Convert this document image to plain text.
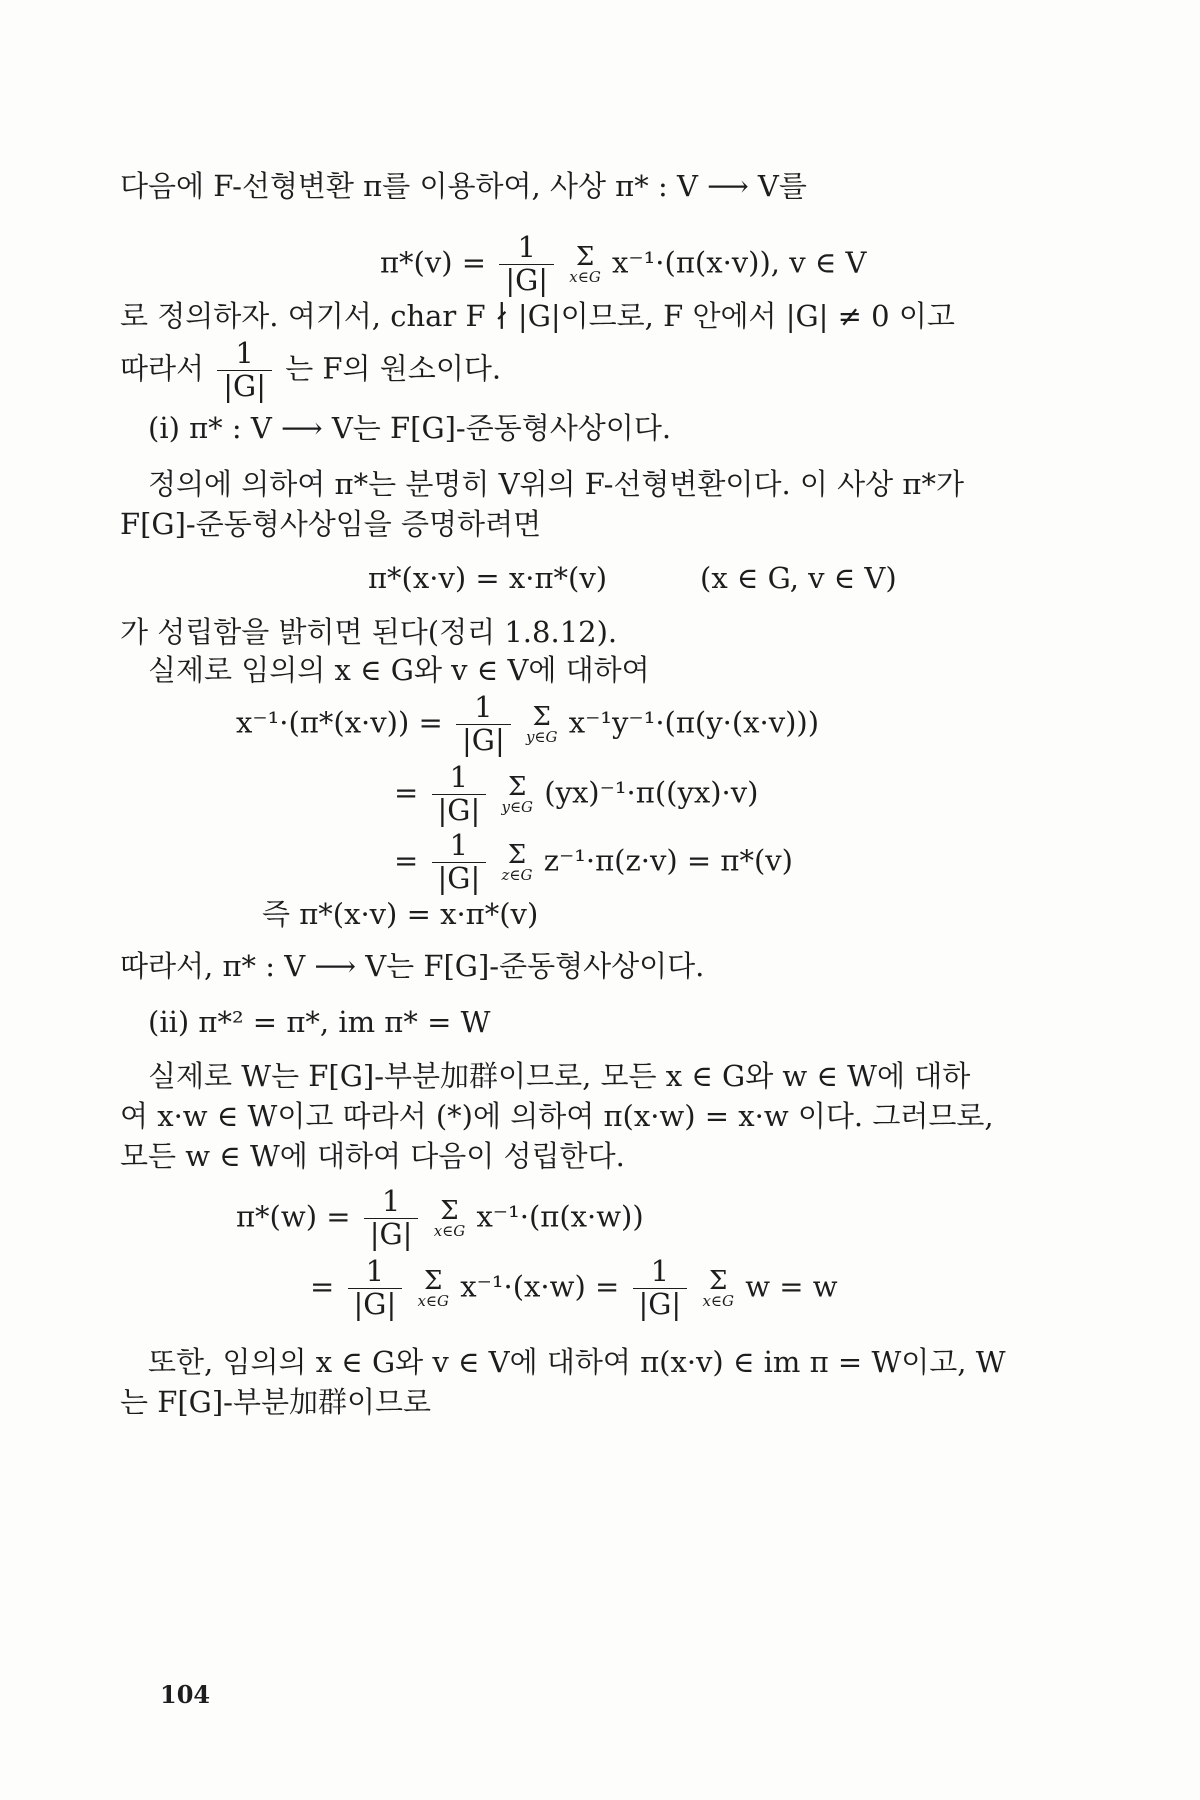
다음에 F-선형변환 π를 이용하여, 사상 π* : V ⟶ V를
$\pi*(v) = \frac{1}{|G|}$
Σ
x∈G x⁻¹·(π(x·v)), v ∈ V
로 정의하자. 여기서, char F ∤ |G|이므로, F 안에서 |G| ≠ 0 이고
따라서 $\frac{1}{|G|}$ 는 F의 원소이다.
(i) π* : V ⟶ V는 F[G]-준동형사상이다.
정의에 의하여 π*는 분명히 V위의 F-선형변환이다. 이 사상 π*가
F[G]-준동형사상임을 증명하려면
π*(x·v) = x·π*(v)	(x ∈ G, v ∈ V)
가 성립함을 밝히면 된다(정리 1.8.12).
실제로 임의의 x ∈ G와 v ∈ V에 대하여
$x^{-1}\cdot(\pi*(x\cdot v)) = \frac{1}{|G|}$
Σ
y∈G x⁻¹y⁻¹·(π(y·(x·v)))
= $\frac{1}{|G|}$
Σ
y∈G (yx)⁻¹·π((yx)·v)
= $\frac{1}{|G|}$
Σ
z∈G z⁻¹·π(z·v) = π*(v)
즉 π*(x·v) = x·π*(v)
따라서, π* : V ⟶ V는 F[G]-준동형사상이다.
(ii) π*² = π*, im π* = W
실제로 W는 F[G]-부분加群이므로, 모든 x ∈ G와 w ∈ W에 대하
여 x·w ∈ W이고 따라서 (*)에 의하여 π(x·w) = x·w 이다. 그러므로,
모든 w ∈ W에 대하여 다음이 성립한다.
$\pi*(w) = \frac{1}{|G|}$
Σ
x∈G x⁻¹·(π(x·w))
= $\frac{1}{|G|}$
Σ
x∈G $x^{-1}\cdot(x\cdot w) = \frac{1}{|G|}$
Σ
x∈G w = w
또한, 임의의 x ∈ G와 v ∈ V에 대하여 π(x·v) ∈ im π = W이고, W
는 F[G]-부분加群이므로
104
